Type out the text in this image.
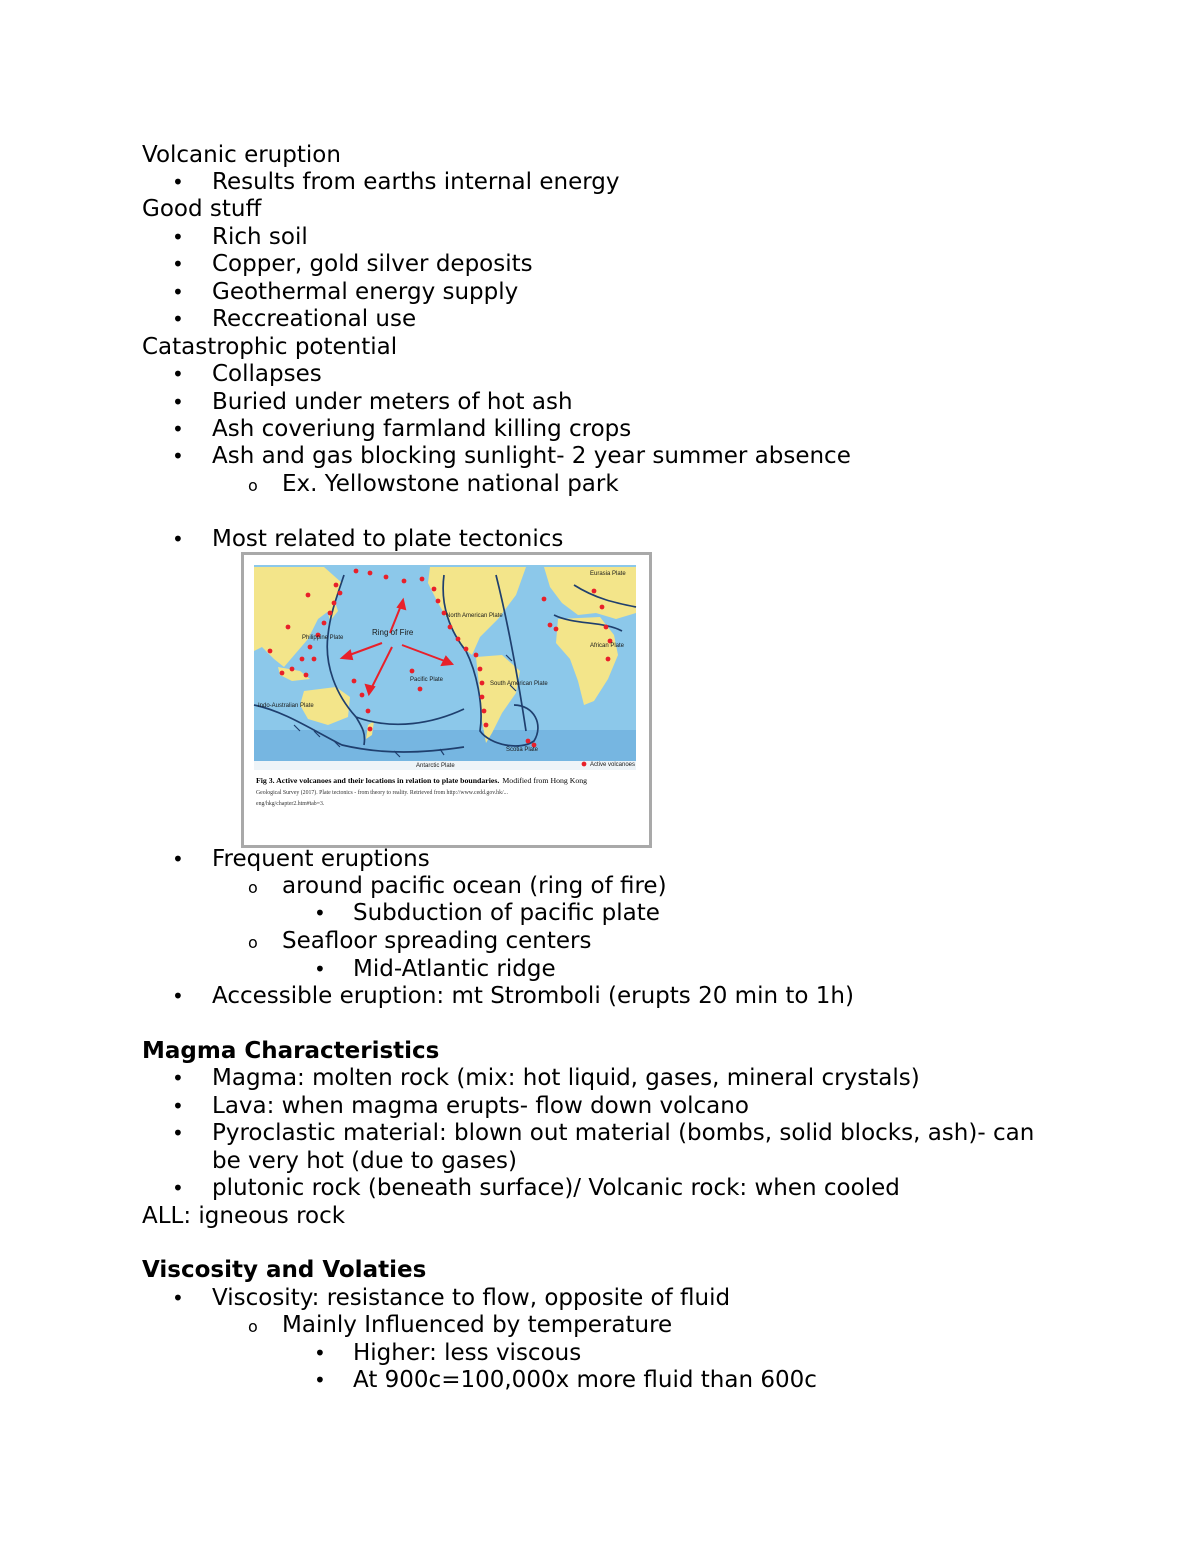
Volcanic eruption
• Results from earths internal energy
Good stuff
• Rich soil
• Copper, gold silver deposits
• Geothermal energy supply
• Reccreational use
Catastrophic potential
• Collapses
• Buried under meters of hot ash
• Ash coveriung farmland killing crops
• Ash and gas blocking sunlight- 2 year summer absence
o Ex. Yellowstone national park
• Most related to plate tectonics
Ring of Fire
Eurasia Plate
North American Plate
African Plate
Pacific Plate
Philippine Plate
Indo-Australian Plate
South American Plate
Scotia Plate
Antarctic Plate	Active volcanoes
Fig 3. Active volcanoes and their locations in relation to plate boundaries. Modified from Hong Kong
Geological Survey (2017). Plate tectonics - from theory to reality. Retrieved from http://www.cedd.gov.hk/...
eng/hkg/chapter2.htm#tab=3.
• Frequent eruptions
o around pacific ocean (ring of fire)
• Subduction of pacific plate
o Seafloor spreading centers
• Mid-Atlantic ridge
• Accessible eruption: mt Stromboli (erupts 20 min to 1h)
Magma Characteristics
• Magma: molten rock (mix: hot liquid, gases, mineral crystals)
• Lava: when magma erupts- flow down volcano
• Pyroclastic material: blown out material (bombs, solid blocks, ash)- can
be very hot (due to gases)
• plutonic rock (beneath surface)/ Volcanic rock: when cooled
ALL: igneous rock
Viscosity and Volaties
• Viscosity: resistance to flow, opposite of fluid
o Mainly Influenced by temperature
• Higher: less viscous
• At 900c=100,000x more fluid than 600c
